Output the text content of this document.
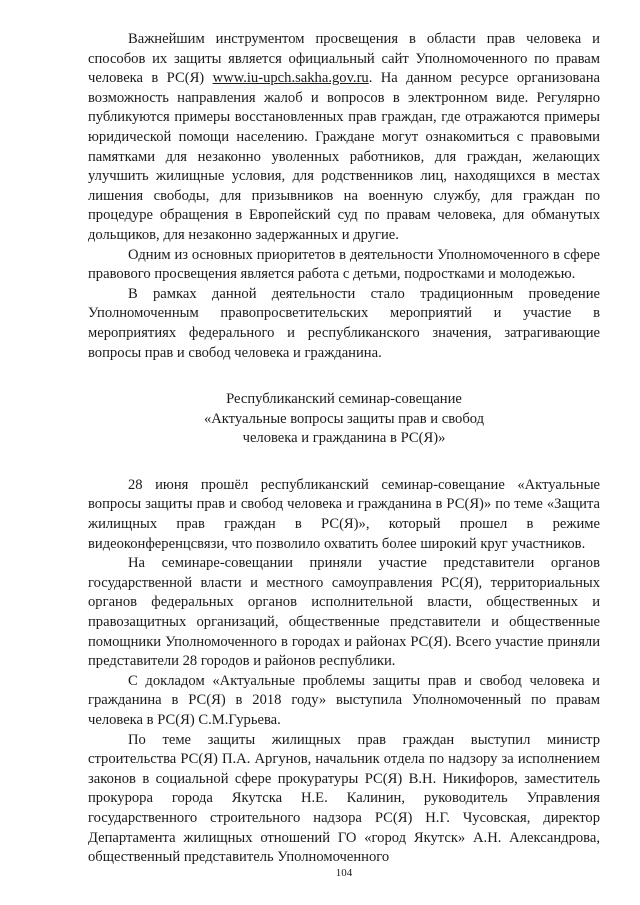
Важнейшим инструментом просвещения в области прав человека и способов их защиты является официальный сайт Уполномоченного по правам человека в РС(Я) www.iu-upch.sakha.gov.ru. На данном ресурсе организована возможность направления жалоб и вопросов в электронном виде. Регулярно публикуются примеры восстановленных прав граждан, где отражаются примеры юридической помощи населению. Граждане могут ознакомиться с правовыми памятками для незаконно уволенных работников, для граждан, желающих улучшить жилищные условия, для родственников лиц, находящихся в местах лишения свободы, для призывников на военную службу, для граждан по процедуре обращения в Европейский суд по правам человека, для обманутых дольщиков, для незаконно задержанных и другие.

Одним из основных приоритетов в деятельности Уполномоченного в сфере правового просвещения является работа с детьми, подростками и молодежью.

В рамках данной деятельности стало традиционным проведение Уполномоченным правопросветительских мероприятий и участие в мероприятиях федерального и республиканского значения, затрагивающие вопросы прав и свобод человека и гражданина.

Республиканский семинар-совещание
«Актуальные вопросы защиты прав и свобод
человека и гражданина в РС(Я)»

28 июня прошёл республиканский семинар-совещание «Актуальные вопросы защиты прав и свобод человека и гражданина в РС(Я)» по теме «Защита жилищных прав граждан в РС(Я)», который прошел в режиме видеоконференцсвязи, что позволило охватить более широкий круг участников.

На семинаре-совещании приняли участие представители органов государственной власти и местного самоуправления РС(Я), территориальных органов федеральных органов исполнительной власти, общественных и правозащитных организаций, общественные представители и общественные помощники Уполномоченного в городах и районах РС(Я). Всего участие приняли представители 28 городов и районов республики.

С докладом «Актуальные проблемы защиты прав и свобод человека и гражданина в РС(Я) в 2018 году» выступила Уполномоченный по правам человека в РС(Я) С.М.Гурьева.

По теме защиты жилищных прав граждан выступил министр строительства РС(Я) П.А. Аргунов, начальник отдела по надзору за исполнением законов в социальной сфере прокуратуры РС(Я) В.Н. Никифоров, заместитель прокурора города Якутска Н.Е. Калинин, руководитель Управления государственного строительного надзора РС(Я) Н.Г. Чусовская, директор Департамента жилищных отношений ГО «город Якутск» А.Н. Александрова, общественный представитель Уполномоченного

104
